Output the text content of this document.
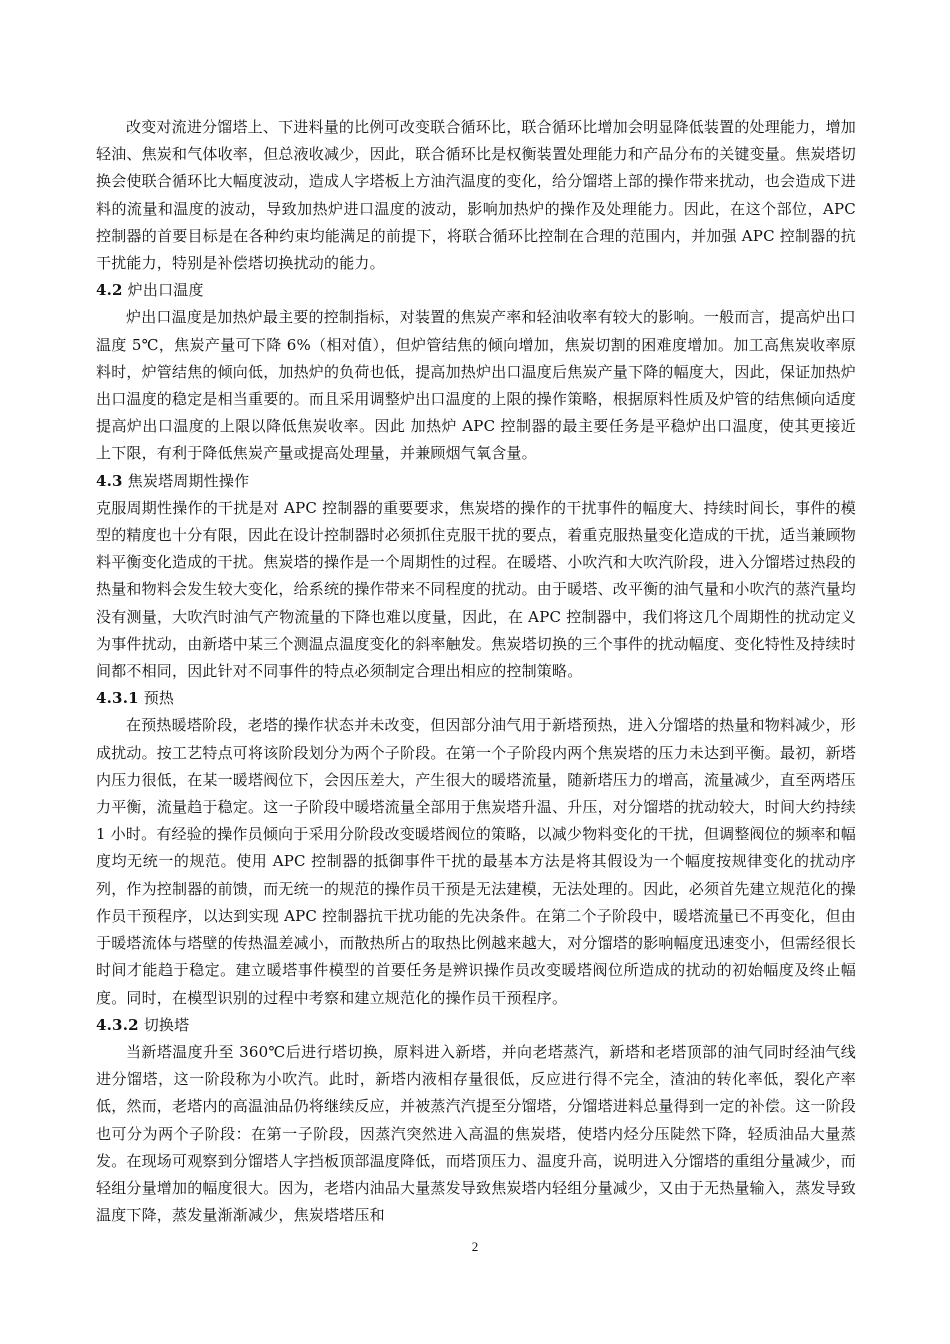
改变对流进分馏塔上、下进料量的比例可改变联合循环比，联合循环比增加会明显降低装置的处理能力，增加轻油、焦炭和气体收率，但总液收减少，因此，联合循环比是权衡装置处理能力和产品分布的关键变量。焦炭塔切换会使联合循环比大幅度波动，造成人字塔板上方油汽温度的变化，给分馏塔上部的操作带来扰动，也会造成下进料的流量和温度的波动，导致加热炉进口温度的波动，影响加热炉的操作及处理能力。因此，在这个部位，APC 控制器的首要目标是在各种约束均能满足的前提下，将联合循环比控制在合理的范围内，并加强 APC 控制器的抗干扰能力，特别是补偿塔切换扰动的能力。

4.2 炉出口温度

炉出口温度是加热炉最主要的控制指标，对装置的焦炭产率和轻油收率有较大的影响。一般而言，提高炉出口温度 5℃，焦炭产量可下降 6%（相对值），但炉管结焦的倾向增加，焦炭切割的困难度增加。加工高焦炭收率原料时，炉管结焦的倾向低，加热炉的负荷也低，提高加热炉出口温度后焦炭产量下降的幅度大，因此，保证加热炉出口温度的稳定是相当重要的。而且采用调整炉出口温度的上限的操作策略，根据原料性质及炉管的结焦倾向适度提高炉出口温度的上限以降低焦炭收率。因此 加热炉 APC 控制器的最主要任务是平稳炉出口温度，使其更接近上下限，有利于降低焦炭产量或提高处理量，并兼顾烟气氧含量。

4.3 焦炭塔周期性操作

克服周期性操作的干扰是对 APC 控制器的重要要求，焦炭塔的操作的干扰事件的幅度大、持续时间长，事件的模型的精度也十分有限，因此在设计控制器时必须抓住克服干扰的要点，着重克服热量变化造成的干扰，适当兼顾物料平衡变化造成的干扰。焦炭塔的操作是一个周期性的过程。在暖塔、小吹汽和大吹汽阶段，进入分馏塔过热段的热量和物料会发生较大变化，给系统的操作带来不同程度的扰动。由于暖塔、改平衡的油气量和小吹汽的蒸汽量均没有测量，大吹汽时油气产物流量的下降也难以度量，因此，在 APC 控制器中，我们将这几个周期性的扰动定义为事件扰动，由新塔中某三个测温点温度变化的斜率触发。焦炭塔切换的三个事件的扰动幅度、变化特性及持续时间都不相同，因此针对不同事件的特点必须制定合理出相应的控制策略。

4.3.1 预热

在预热暖塔阶段，老塔的操作状态并未改变，但因部分油气用于新塔预热，进入分馏塔的热量和物料减少，形成扰动。按工艺特点可将该阶段划分为两个子阶段。在第一个子阶段内两个焦炭塔的压力未达到平衡。最初，新塔内压力很低，在某一暖塔阀位下，会因压差大，产生很大的暖塔流量，随新塔压力的增高，流量减少，直至两塔压力平衡，流量趋于稳定。这一子阶段中暖塔流量全部用于焦炭塔升温、升压，对分馏塔的扰动较大，时间大约持续 1 小时。有经验的操作员倾向于采用分阶段改变暖塔阀位的策略，以减少物料变化的干扰，但调整阀位的频率和幅度均无统一的规范。使用 APC 控制器的抵御事件干扰的最基本方法是将其假设为一个幅度按规律变化的扰动序列，作为控制器的前馈，而无统一的规范的操作员干预是无法建模，无法处理的。因此，必须首先建立规范化的操作员干预程序，以达到实现 APC 控制器抗干扰功能的先决条件。在第二个子阶段中，暖塔流量已不再变化，但由于暖塔流体与塔壁的传热温差减小，而散热所占的取热比例越来越大，对分馏塔的影响幅度迅速变小，但需经很长时间才能趋于稳定。建立暖塔事件模型的首要任务是辨识操作员改变暖塔阀位所造成的扰动的初始幅度及终止幅度。同时，在模型识别的过程中考察和建立规范化的操作员干预程序。

4.3.2 切换塔

当新塔温度升至 360℃后进行塔切换，原料进入新塔，并向老塔蒸汽，新塔和老塔顶部的油气同时经油气线进分馏塔，这一阶段称为小吹汽。此时，新塔内液相存量很低，反应进行得不完全，渣油的转化率低，裂化产率低，然而，老塔内的高温油品仍将继续反应，并被蒸汽汽提至分馏塔，分馏塔进料总量得到一定的补偿。这一阶段也可分为两个子阶段：在第一子阶段，因蒸汽突然进入高温的焦炭塔，使塔内烃分压陡然下降，轻质油品大量蒸发。在现场可观察到分馏塔人字挡板顶部温度降低，而塔顶压力、温度升高，说明进入分馏塔的重组分量减少，而轻组分量增加的幅度很大。因为，老塔内油品大量蒸发导致焦炭塔内轻组分量减少，又由于无热量输入，蒸发导致温度下降，蒸发量渐渐减少，焦炭塔塔压和

2
